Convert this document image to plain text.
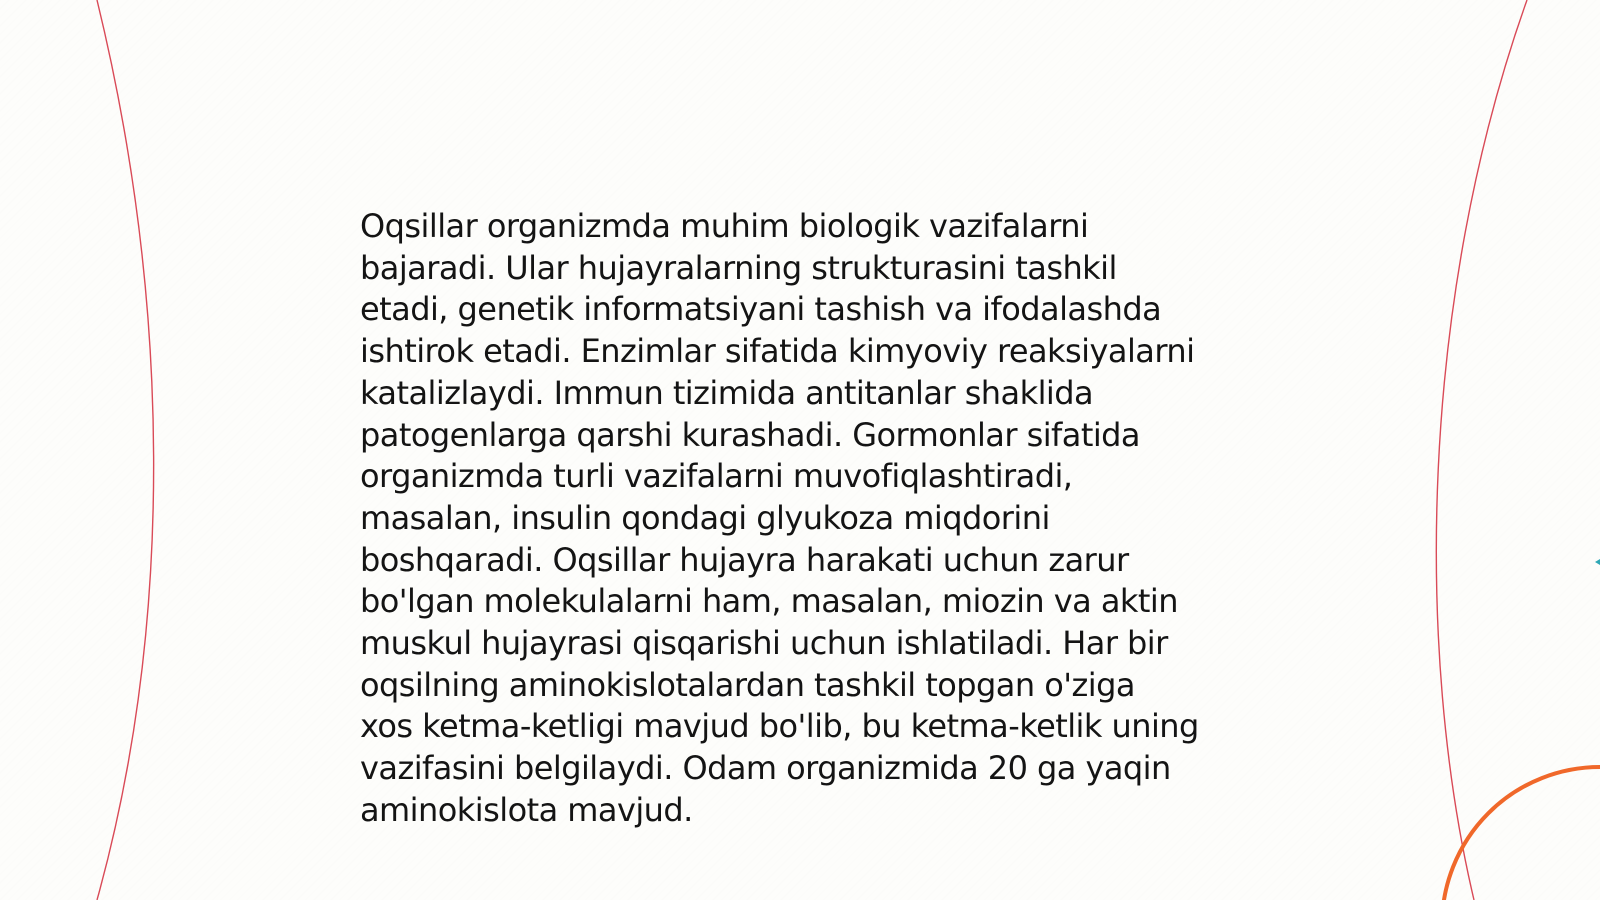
Oqsillar organizmda muhim biologik vazifalarni
bajaradi. Ular hujayralarning strukturasini tashkil
etadi, genetik informatsiyani tashish va ifodalashda
ishtirok etadi. Enzimlar sifatida kimyoviy reaksiyalarni
katalizlaydi. Immun tizimida antitanlar shaklida
patogenlarga qarshi kurashadi. Gormonlar sifatida
organizmda turli vazifalarni muvofiqlashtiradi,
masalan, insulin qondagi glyukoza miqdorini
boshqaradi. Oqsillar hujayra harakati uchun zarur
bo'lgan molekulalarni ham, masalan, miozin va aktin
muskul hujayrasi qisqarishi uchun ishlatiladi. Har bir
oqsilning aminokislotalardan tashkil topgan o'ziga
xos ketma-ketligi mavjud bo'lib, bu ketma-ketlik uning
vazifasini belgilaydi. Odam organizmida 20 ga yaqin
aminokislota mavjud.
